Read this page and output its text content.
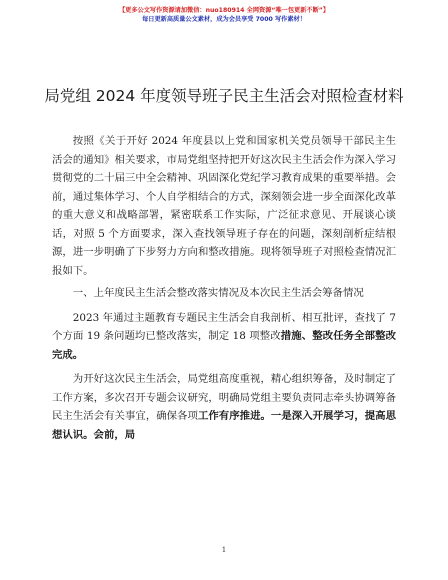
【更多公文写作资源请加微信：nuo180914 全网资源“唯一包更新不断”】
每日更新高质量公文素材，成为会员享受 7000 写作素材！
局党组 2024 年度领导班子民主生活会对照检查材料

按照《关于开好 2024 年度县以上党和国家机关党员领导干部民主生活会的通知》相关要求，市局党组坚持把开好这次民主生活会作为深入学习贯彻党的二十届三中全会精神、巩固深化党纪学习教育成果的重要举措。会前，通过集体学习、个人自学相结合的方式，深刻领会进一步全面深化改革的重大意义和战略部署，紧密联系工作实际，广泛征求意见、开展谈心谈话，对照 5 个方面要求，深入查找领导班子存在的问题，深刻剖析症结根源，进一步明确了下步努力方向和整改措施。现将领导班子对照检查情况汇报如下。

一、上年度民主生活会整改落实情况及本次民主生活会筹备情况

2023 年通过主题教育专题民主生活会自我剖析、相互批评，查找了 7 个方面 19 条问题均已整改落实，制定 18 项整改措施、整改任务全部整改完成。

为开好这次民主生活会，局党组高度重视，精心组织筹备，及时制定了工作方案，多次召开专题会议研究，明确局党组主要负责同志牵头协调筹备民主生活会有关事宜，确保各项工作有序推进。一是深入开展学习，提高思想认识。会前，局

1
